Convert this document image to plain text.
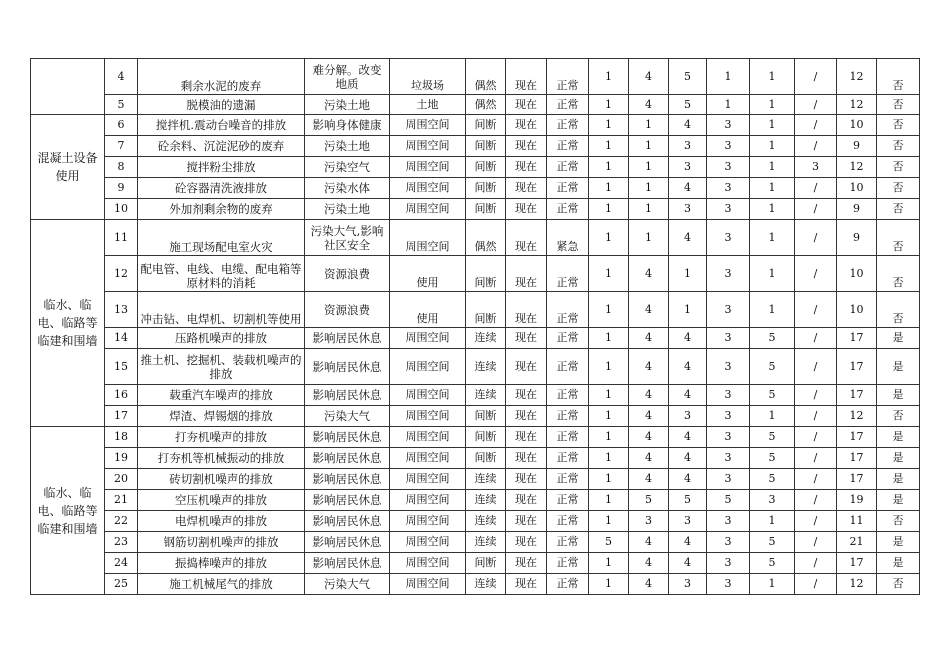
	4	剩余水泥的废弃	难分解。改变地质	垃圾场	偶然	现在	正常	1	4	5	1	1	/	12	否
	5	脱模油的遗漏	污染土地	土地	偶然	现在	正常	1	4	5	1	1	/	12	否
混凝土设备使用	6	搅拌机.震动台噪音的排放	影响身体健康	周围空间	间断	现在	正常	1	1	4	3	1	/	10	否
	7	砼余料、沉淀泥砂的废弃	污染土地	周围空间	间断	现在	正常	1	1	3	3	1	/	9	否
	8	搅拌粉尘排放	污染空气	周围空间	间断	现在	正常	1	1	3	3	1	3	12	否
	9	砼容器清洗液排放	污染水体	周围空间	间断	现在	正常	1	1	4	3	1	/	10	否
	10	外加剂剩余物的废弃	污染土地	周围空间	间断	现在	正常	1	1	3	3	1	/	9	否
临水、临电、临路等临建和围墙	11	施工现场配电室火灾	污染大气,影响社区安全	周围空间	偶然	现在	紧急	1	1	4	3	1	/	9	否
	12	配电管、电线、电缆、配电箱等原材料的消耗	资源浪费	使用	间断	现在	正常	1	4	1	3	1	/	10	否
	13	冲击钻、电焊机、切割机等使用	资源浪费	使用	间断	现在	正常	1	4	1	3	1	/	10	否
	14	压路机噪声的排放	影响居民休息	周围空间	连续	现在	正常	1	4	4	3	5	/	17	是
	15	推土机、挖掘机、装载机噪声的排放	影响居民休息	周围空间	连续	现在	正常	1	4	4	3	5	/	17	是
	16	载重汽车噪声的排放	影响居民休息	周围空间	连续	现在	正常	1	4	4	3	5	/	17	是
	17	焊渣、焊锡烟的排放	污染大气	周围空间	间断	现在	正常	1	4	3	3	1	/	12	否
临水、临电、临路等临建和围墙	18	打夯机噪声的排放	影响居民休息	周围空间	间断	现在	正常	1	4	4	3	5	/	17	是
	19	打夯机等机械振动的排放	影响居民休息	周围空间	间断	现在	正常	1	4	4	3	5	/	17	是
	20	砖切割机噪声的排放	影响居民休息	周围空间	连续	现在	正常	1	4	4	3	5	/	17	是
	21	空压机噪声的排放	影响居民休息	周围空间	连续	现在	正常	1	5	5	5	3	/	19	是
	22	电焊机噪声的排放	影响居民休息	周围空间	连续	现在	正常	1	3	3	3	1	/	11	否
	23	钢筋切割机噪声的排放	影响居民休息	周围空间	连续	现在	正常	5	4	4	3	5	/	21	是
	24	振捣棒噪声的排放	影响居民休息	周围空间	间断	现在	正常	1	4	4	3	5	/	17	是
	25	施工机械尾气的排放	污染大气	周围空间	连续	现在	正常	1	4	3	3	1	/	12	否
